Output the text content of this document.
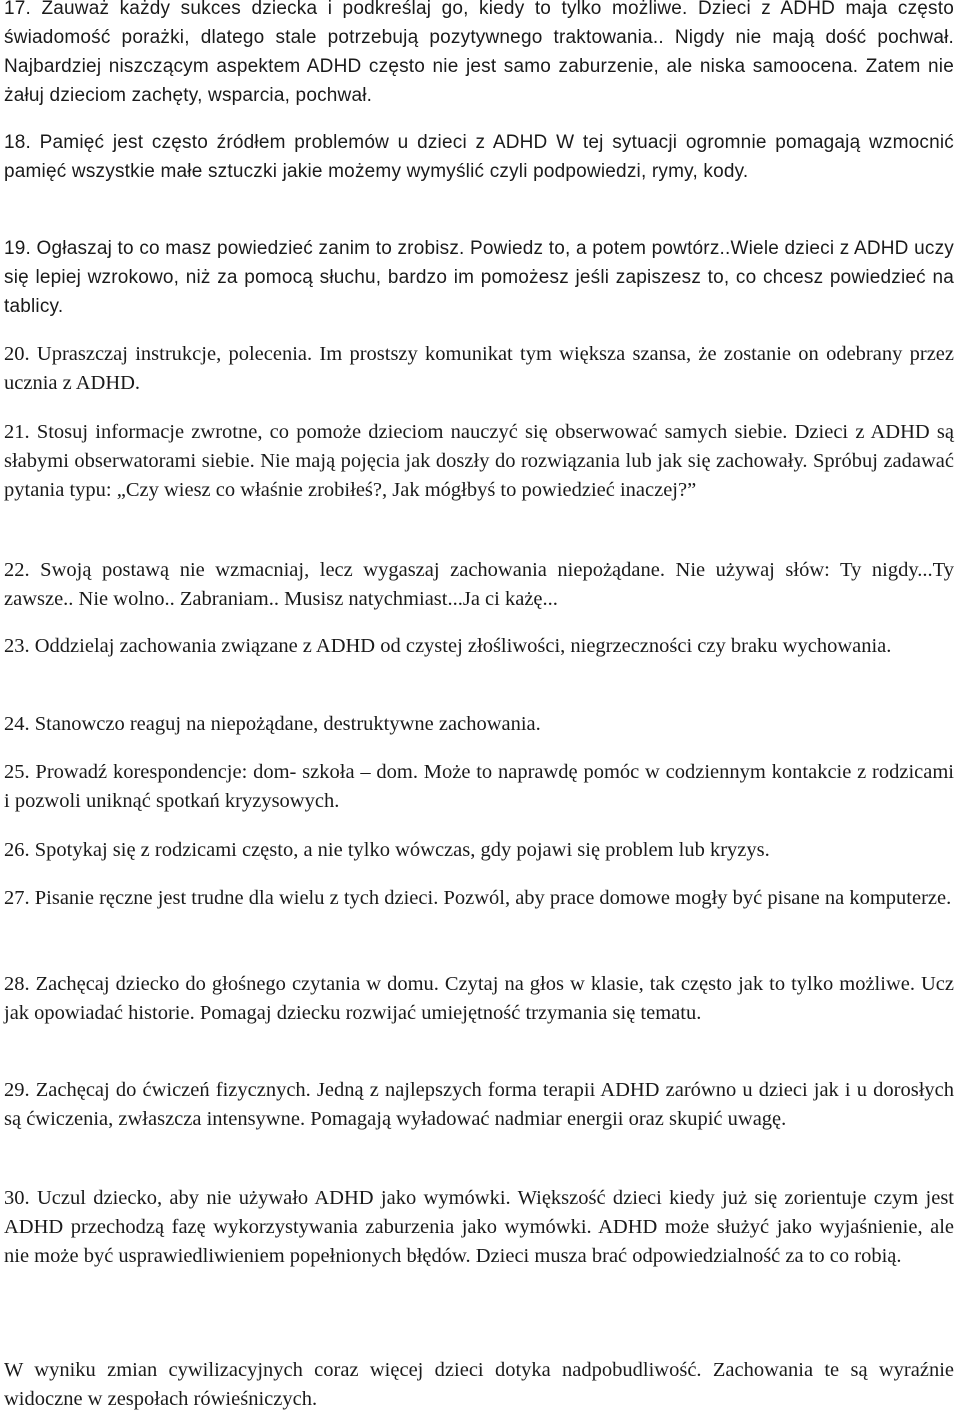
17. Zauważ każdy sukces dziecka i podkreślaj go, kiedy to tylko możliwe. Dzieci z ADHD maja często świadomość porażki, dlatego stale potrzebują pozytywnego traktowania.. Nigdy nie mają dość pochwał. Najbardziej niszczącym aspektem ADHD często nie jest samo zaburzenie, ale niska samoocena. Zatem nie żałuj dzieciom zachęty, wsparcia, pochwał.

18. Pamięć jest często źródłem problemów u dzieci z ADHD W tej sytuacji ogromnie pomagają wzmocnić pamięć wszystkie małe sztuczki jakie możemy wymyślić czyli podpowiedzi, rymy, kody.

19. Ogłaszaj to co masz powiedzieć zanim to zrobisz. Powiedz to, a potem powtórz..Wiele dzieci z ADHD uczy się lepiej wzrokowo, niż za pomocą słuchu, bardzo im pomożesz jeśli zapiszesz to, co chcesz powiedzieć na tablicy.

20. Upraszczaj instrukcje, polecenia. Im prostszy komunikat tym większa szansa, że zostanie on odebrany przez ucznia z ADHD.

21. Stosuj informacje zwrotne, co pomoże dzieciom nauczyć się obserwować samych siebie. Dzieci z ADHD są słabymi obserwatorami siebie. Nie mają pojęcia jak doszły do rozwiązania lub jak się zachowały. Spróbuj zadawać pytania typu: „Czy wiesz co właśnie zrobiłeś?, Jak mógłbyś to powiedzieć inaczej?”

22. Swoją postawą nie wzmacniaj, lecz wygaszaj zachowania niepożądane. Nie używaj słów: Ty nigdy...Ty zawsze.. Nie wolno.. Zabraniam.. Musisz natychmiast...Ja ci każę...

23. Oddzielaj zachowania związane z ADHD od czystej złośliwości, niegrzeczności czy braku wychowania.

24. Stanowczo reaguj na niepożądane, destruktywne zachowania.

25. Prowadź korespondencje: dom- szkoła – dom. Może to naprawdę pomóc w codziennym kontakcie z rodzicami i pozwoli uniknąć spotkań kryzysowych.

26. Spotykaj się z rodzicami często, a nie tylko wówczas, gdy pojawi się problem lub kryzys.

27. Pisanie ręczne jest trudne dla wielu z tych dzieci. Pozwól, aby prace domowe mogły być pisane na komputerze.

28. Zachęcaj dziecko do głośnego czytania w domu. Czytaj na głos w klasie, tak często jak to tylko możliwe. Ucz jak opowiadać historie. Pomagaj dziecku rozwijać umiejętność trzymania się tematu.

29. Zachęcaj do ćwiczeń fizycznych. Jedną z najlepszych forma terapii ADHD zarówno u dzieci jak i u dorosłych są ćwiczenia, zwłaszcza intensywne. Pomagają wyładować nadmiar energii oraz skupić uwagę.

30. Uczul dziecko, aby nie używało ADHD jako wymówki. Większość dzieci kiedy już się zorientuje czym jest ADHD przechodzą fazę wykorzystywania zaburzenia jako wymówki. ADHD może służyć jako wyjaśnienie, ale nie może być usprawiedliwieniem popełnionych błędów. Dzieci musza brać odpowiedzialność za to co robią.

W wyniku zmian cywilizacyjnych coraz więcej dzieci dotyka nadpobudliwość. Zachowania te są wyraźnie widoczne w zespołach rówieśniczych.
